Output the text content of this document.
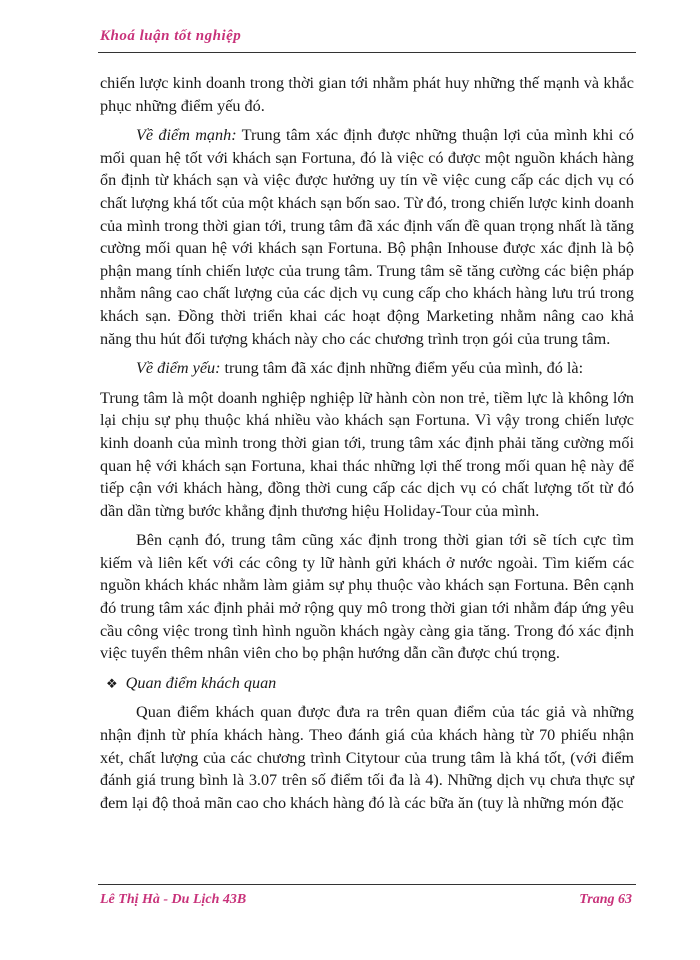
Khoá luận tốt nghiệp

chiến lược kinh doanh trong thời gian tới nhằm phát huy những thế mạnh và khắc phục những điểm yếu đó.

Về điểm mạnh: Trung tâm xác định được những thuận lợi của mình khi có mối quan hệ tốt với khách sạn Fortuna, đó là việc có được một nguồn khách hàng ổn định từ khách sạn và việc được hưởng uy tín về việc cung cấp các dịch vụ có chất lượng khá tốt của một khách sạn bốn sao. Từ đó, trong chiến lược kinh doanh của mình trong thời gian tới, trung tâm đã xác định vấn đề quan trọng nhất là tăng cường mối quan hệ với khách sạn Fortuna. Bộ phận Inhouse được xác định là bộ phận mang tính chiến lược của trung tâm. Trung tâm sẽ tăng cường các biện pháp nhằm nâng cao chất lượng của các dịch vụ cung cấp cho khách hàng lưu trú trong khách sạn. Đồng thời triển khai các hoạt động Marketing nhằm nâng cao khả năng thu hút đối tượng khách này cho các chương trình trọn gói của trung tâm.

Về điểm yếu: trung tâm đã xác định những điểm yếu của mình, đó là:

Trung tâm là một doanh nghiệp nghiệp lữ hành còn non trẻ, tiềm lực là không lớn lại chịu sự phụ thuộc khá nhiều vào khách sạn Fortuna. Vì vậy trong chiến lược kinh doanh của mình trong thời gian tới, trung tâm xác định phải tăng cường mối quan hệ với khách sạn Fortuna, khai thác những lợi thế trong mối quan hệ này để tiếp cận với khách hàng, đồng thời cung cấp các dịch vụ có chất lượng tốt từ đó dần dần từng bước khẳng định thương hiệu Holiday-Tour của mình.

Bên cạnh đó, trung tâm cũng xác định trong thời gian tới sẽ tích cực tìm kiếm và liên kết với các công ty lữ hành gửi khách ở nước ngoài. Tìm kiếm các nguồn khách khác nhằm làm giảm sự phụ thuộc vào khách sạn Fortuna. Bên cạnh đó trung tâm xác định phải mở rộng quy mô trong thời gian tới nhằm đáp ứng yêu cầu công việc trong tình hình nguồn khách ngày càng gia tăng. Trong đó xác định việc tuyển thêm nhân viên cho bọ phận hướng dẫn cần được chú trọng.

❖ Quan điểm khách quan

Quan điểm khách quan được đưa ra trên quan điểm của tác giả và những nhận định từ phía khách hàng. Theo đánh giá của khách hàng từ 70 phiếu nhận xét, chất lượng của các chương trình Citytour của trung tâm là khá tốt, (với điểm đánh giá trung bình là 3.07 trên số điểm tối đa là 4). Những dịch vụ chưa thực sự đem lại độ thoả mãn cao cho khách hàng đó là các bữa ăn (tuy là những món đặc

Lê Thị Hà - Du Lịch 43B	Trang 63
